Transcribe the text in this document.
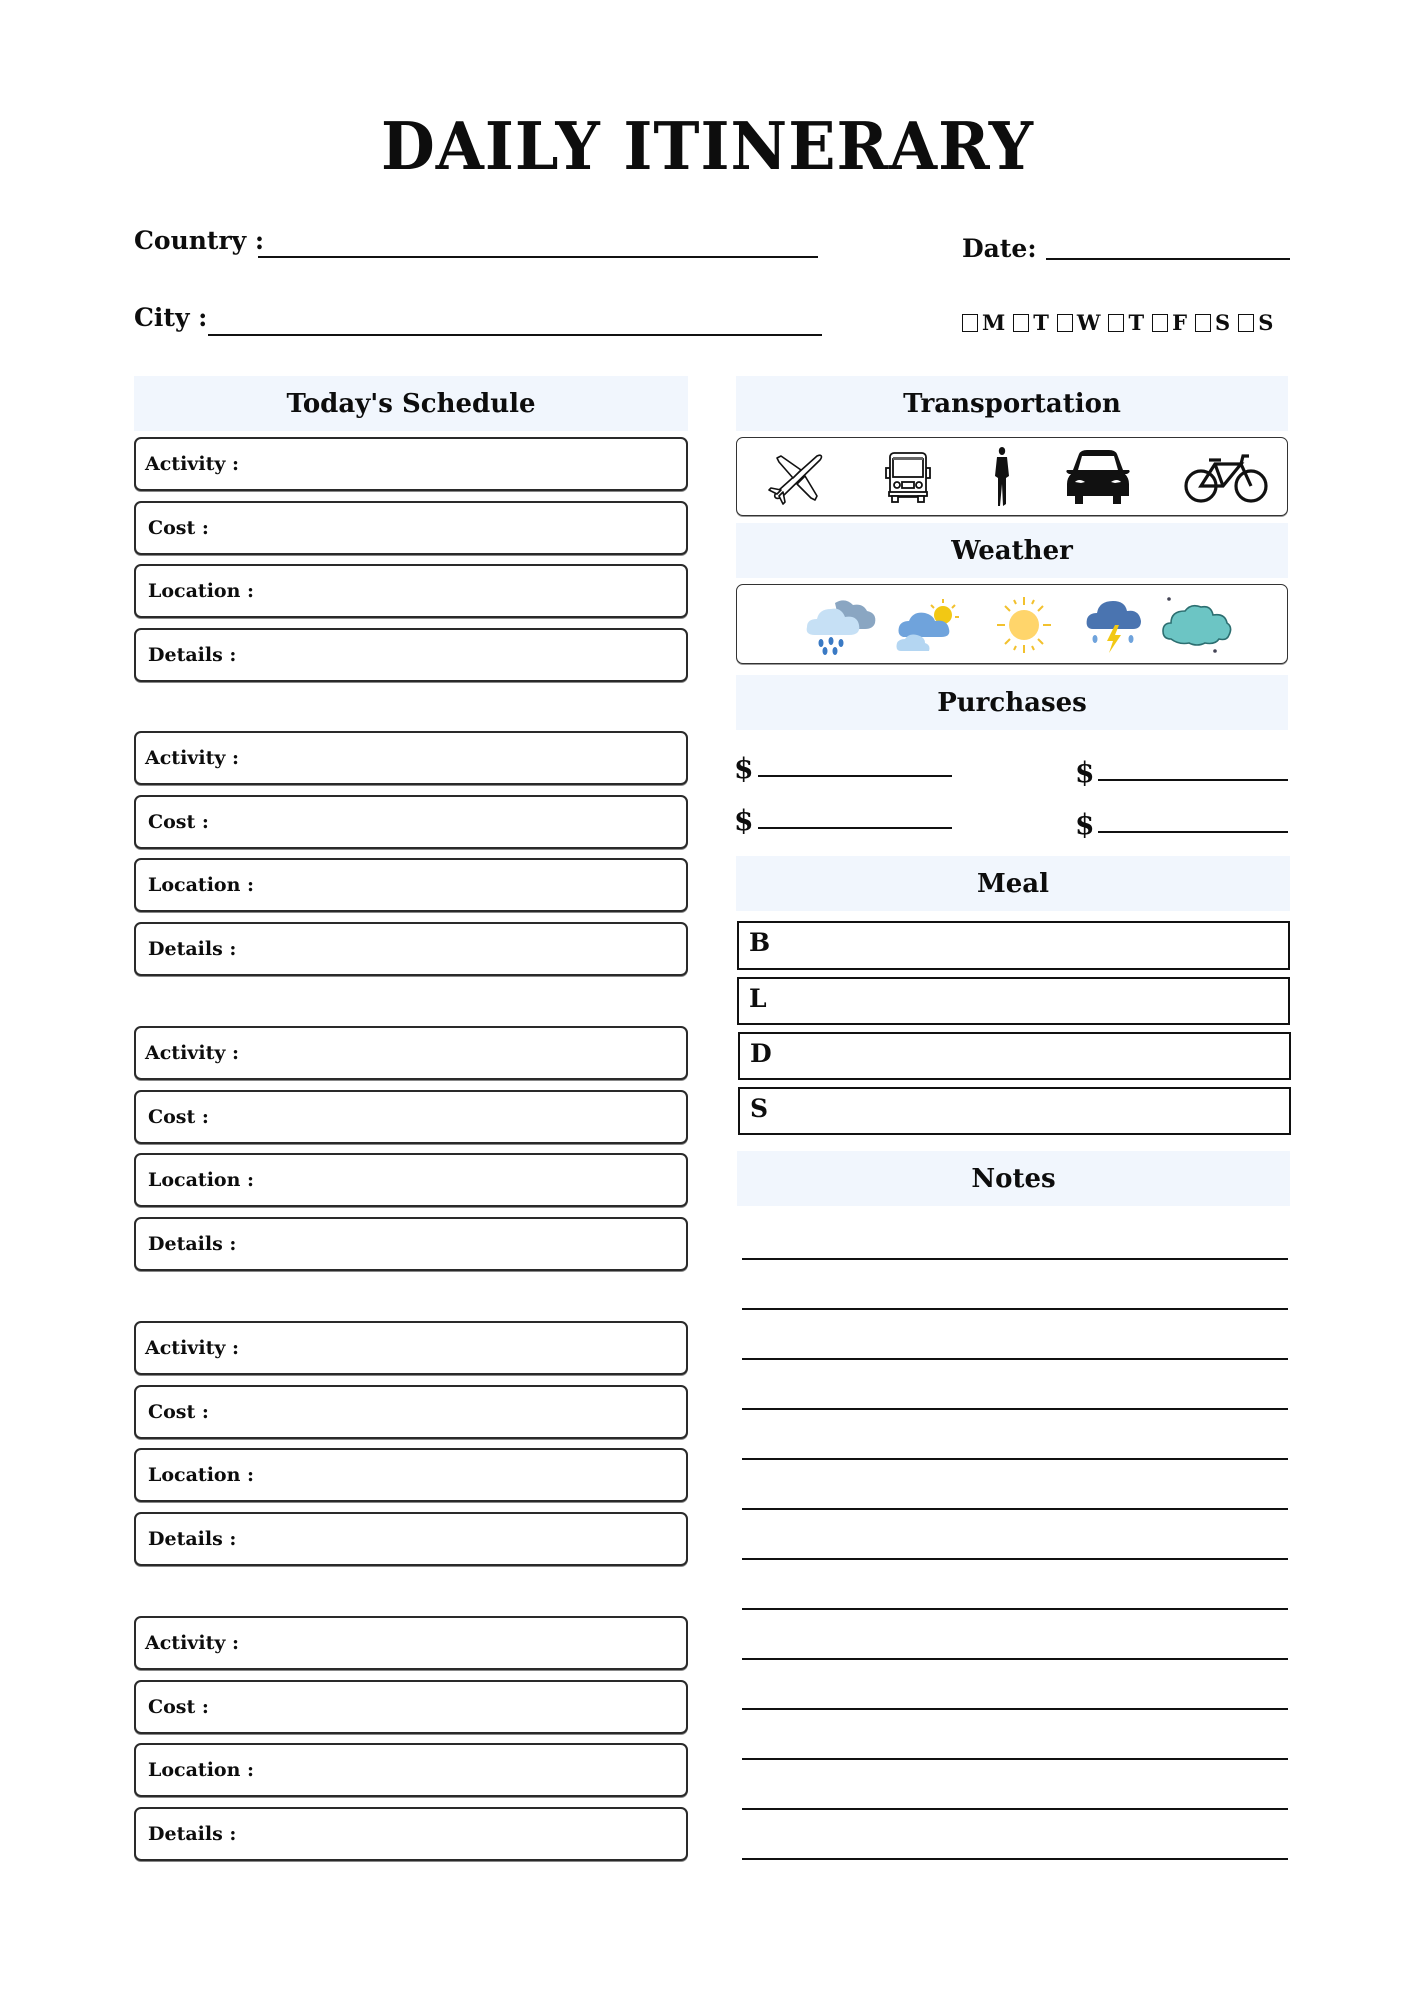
DAILY ITINERARY
Country :
City :
Date:
M T W T F S S
Today's Schedule
Activity :
Cost :
Location :
Details :
Activity :
Cost :
Location :
Details :
Activity :
Cost :
Location :
Details :
Activity :
Cost :
Location :
Details :
Activity :
Cost :
Location :
Details :
Transportation
Weather
Purchases
$
$
$
$
Meal
B
L
D
S
Notes
